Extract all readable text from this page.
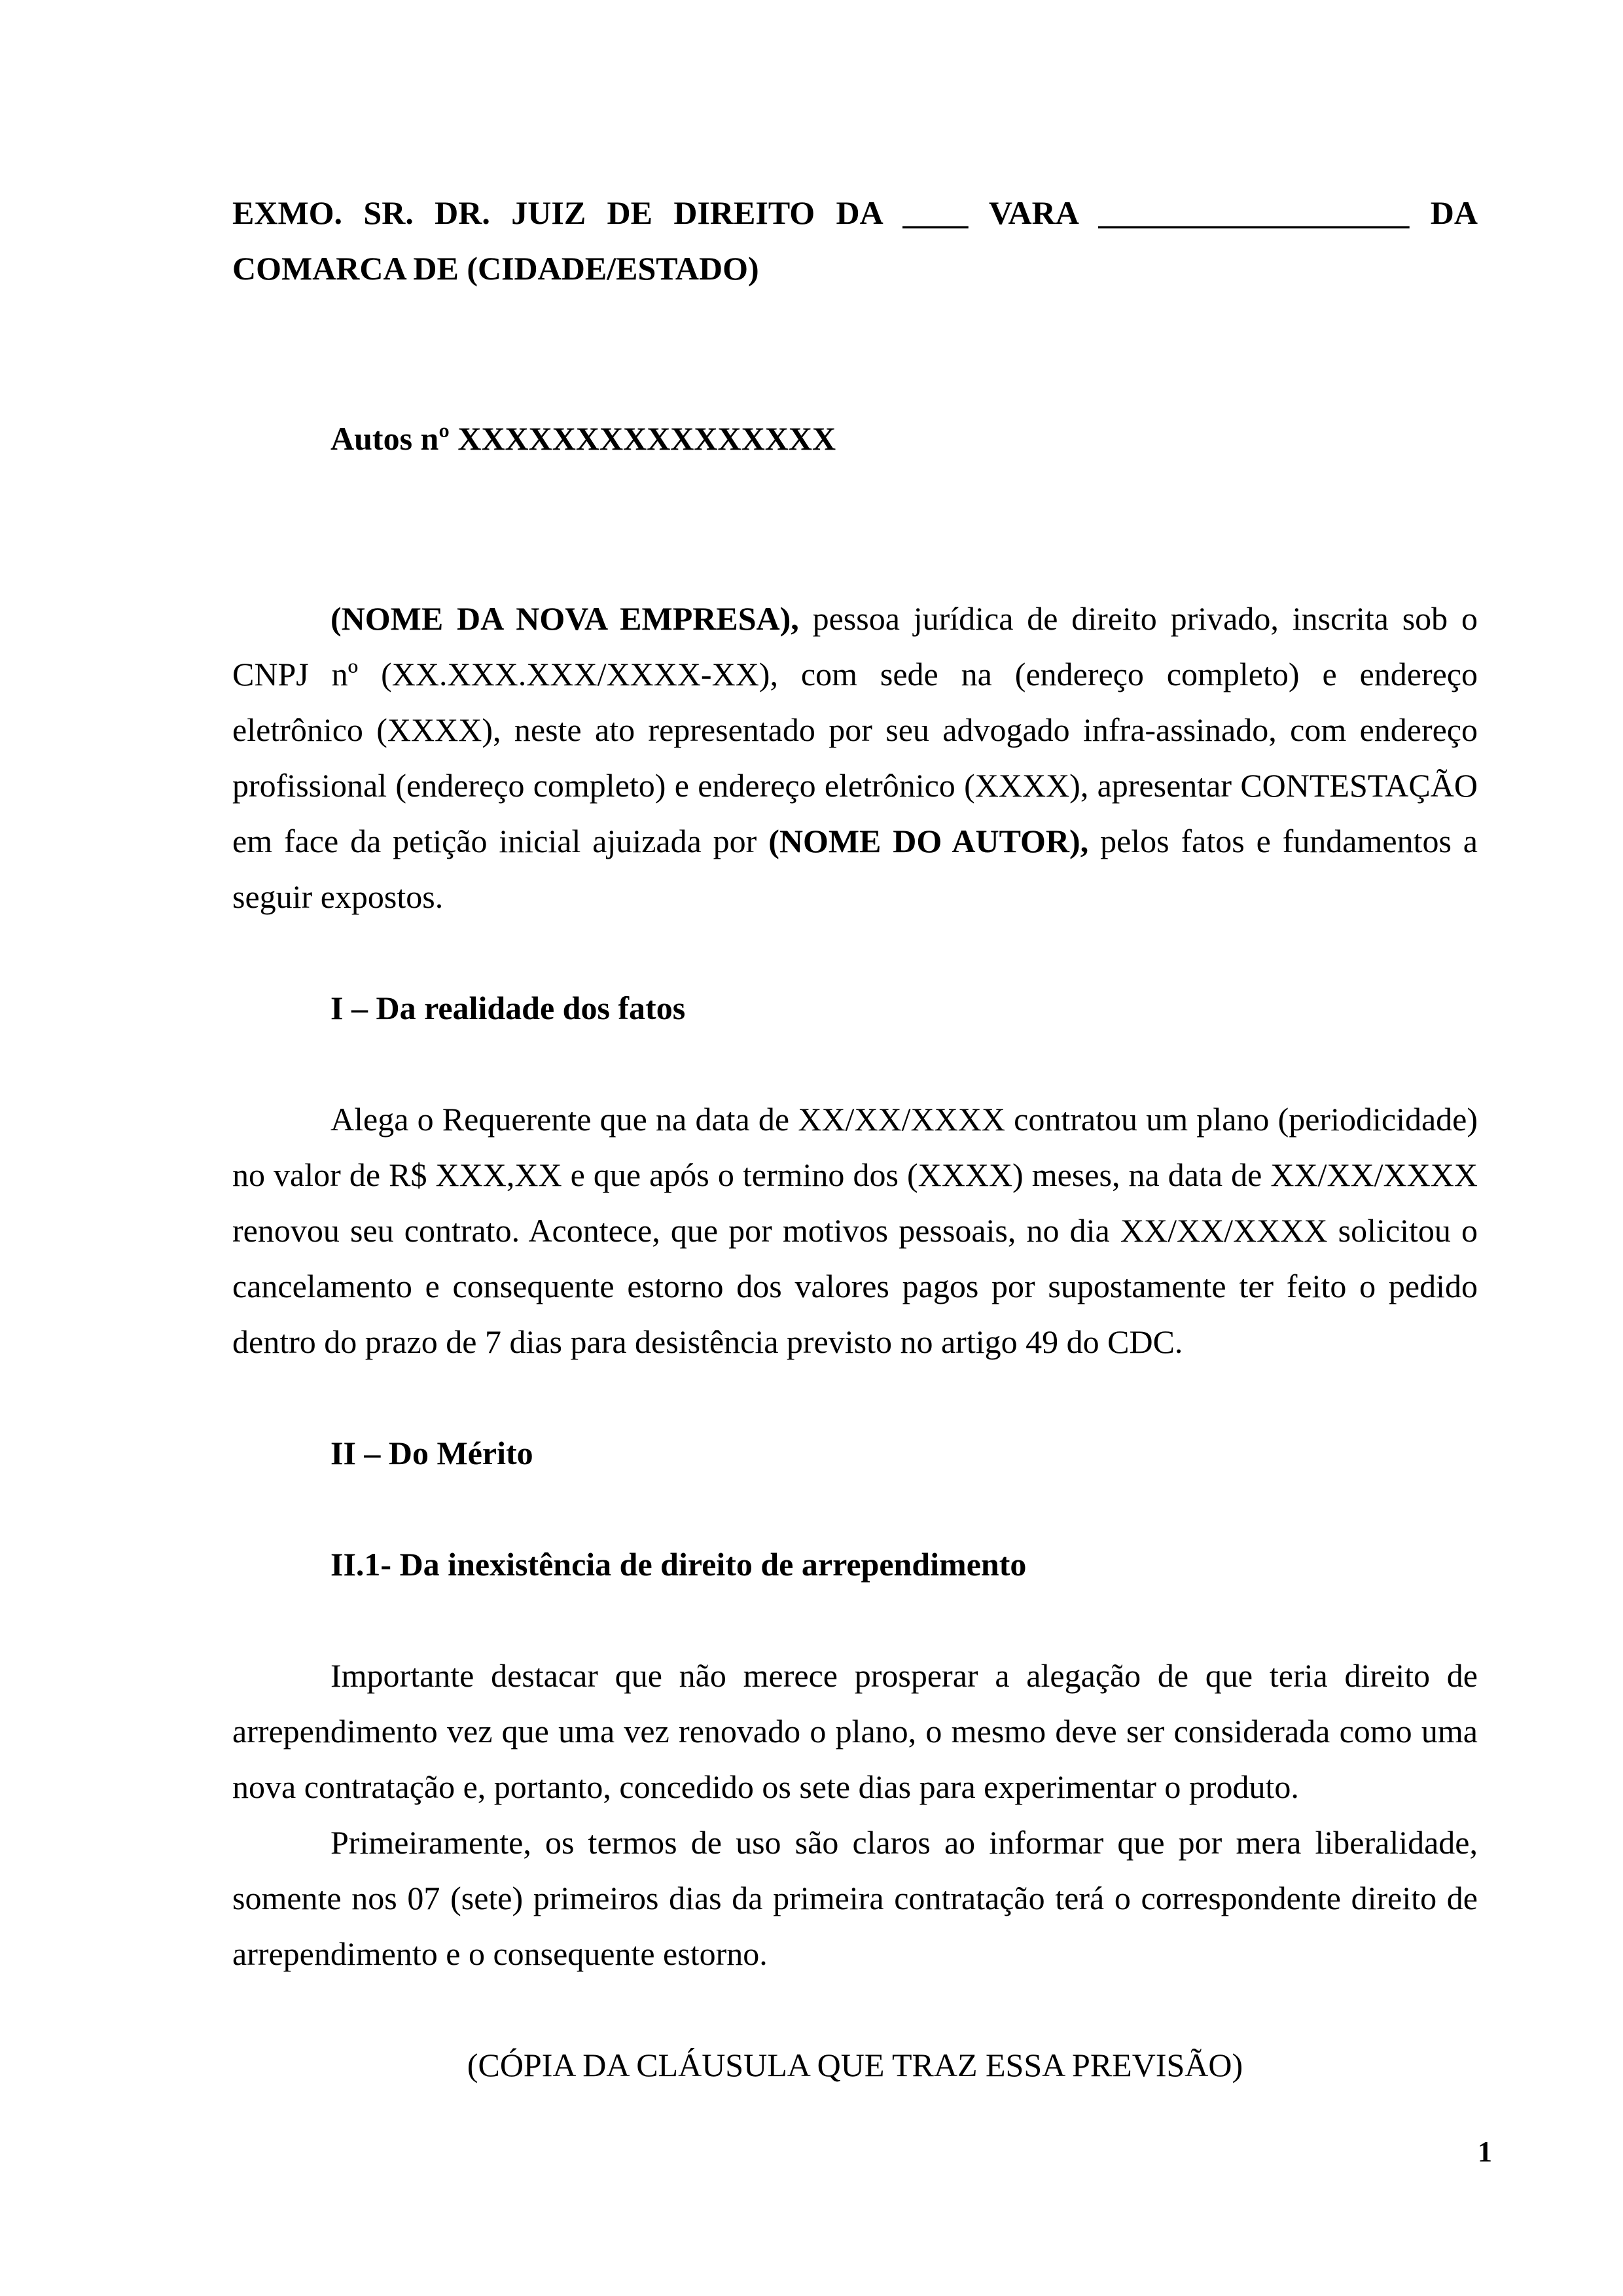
EXMO. SR. DR. JUIZ DE DIREITO DA ____ VARA ___________________ DA COMARCA DE (CIDADE/ESTADO)

Autos nº XXXXXXXXXXXXXXXX

(NOME DA NOVA EMPRESA), pessoa jurídica de direito privado, inscrita sob o CNPJ nº (XX.XXX.XXX/XXXX-XX), com sede na (endereço completo) e endereço eletrônico (XXXX), neste ato representado por seu advogado infra-assinado, com endereço profissional (endereço completo) e endereço eletrônico (XXXX), apresentar CONTESTAÇÃO em face da petição inicial ajuizada por (NOME DO AUTOR), pelos fatos e fundamentos a seguir expostos.

I – Da realidade dos fatos

Alega o Requerente que na data de XX/XX/XXXX contratou um plano (periodicidade) no valor de R$ XXX,XX e que após o termino dos (XXXX) meses, na data de XX/XX/XXXX renovou seu contrato. Acontece, que por motivos pessoais, no dia XX/XX/XXXX solicitou o cancelamento e consequente estorno dos valores pagos por supostamente ter feito o pedido dentro do prazo de 7 dias para desistência previsto no artigo 49 do CDC.

II – Do Mérito

II.1- Da inexistência de direito de arrependimento

Importante destacar que não merece prosperar a alegação de que teria direito de arrependimento vez que uma vez renovado o plano, o mesmo deve ser considerada como uma nova contratação e, portanto, concedido os sete dias para experimentar o produto.

Primeiramente, os termos de uso são claros ao informar que por mera liberalidade, somente nos 07 (sete) primeiros dias da primeira contratação terá o correspondente direito de arrependimento e o consequente estorno.

(CÓPIA DA CLÁUSULA QUE TRAZ ESSA PREVISÃO)

1
